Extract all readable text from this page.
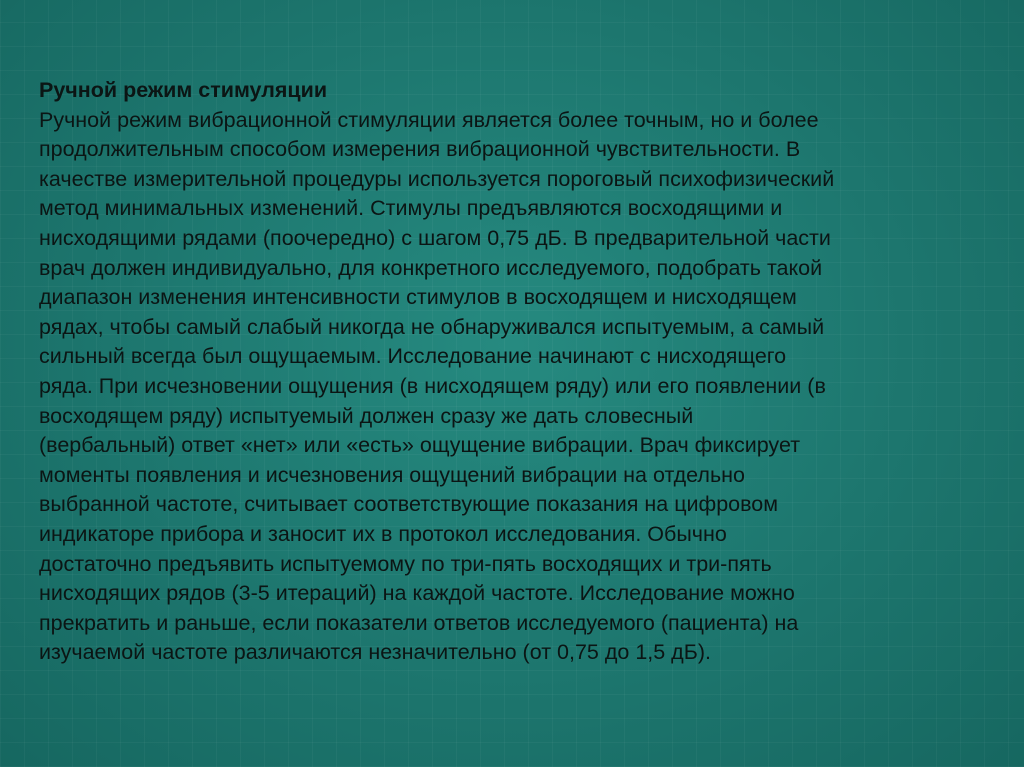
Ручной режим стимуляции

Ручной режим вибрационной стимуляции является более точным, но и более
продолжительным способом измерения вибрационной чувствительности. В
качестве измерительной процедуры используется пороговый психофизический
метод минимальных изменений. Стимулы предъявляются восходящими и
нисходящими рядами (поочередно) с шагом 0,75 дБ. В предварительной части
врач должен индивидуально, для конкретного исследуемого, подобрать такой
диапазон изменения интенсивности стимулов в восходящем и нисходящем
рядах, чтобы самый слабый никогда не обнаруживался испытуемым, а самый
сильный всегда был ощущаемым. Исследование начинают с нисходящего
ряда. При исчезновении ощущения (в нисходящем ряду) или его появлении (в
восходящем ряду) испытуемый должен сразу же дать словесный
(вербальный) ответ «нет» или «есть» ощущение вибрации. Врач фиксирует
моменты появления и исчезновения ощущений вибрации на отдельно
выбранной частоте, считывает соответствующие показания на цифровом
индикаторе прибора и заносит их в протокол исследования. Обычно
достаточно предъявить испытуемому по три-пять восходящих и три-пять
нисходящих рядов (3-5 итераций) на каждой частоте. Исследование можно
прекратить и раньше, если показатели ответов исследуемого (пациента) на
изучаемой частоте различаются незначительно (от 0,75 до 1,5 дБ).
